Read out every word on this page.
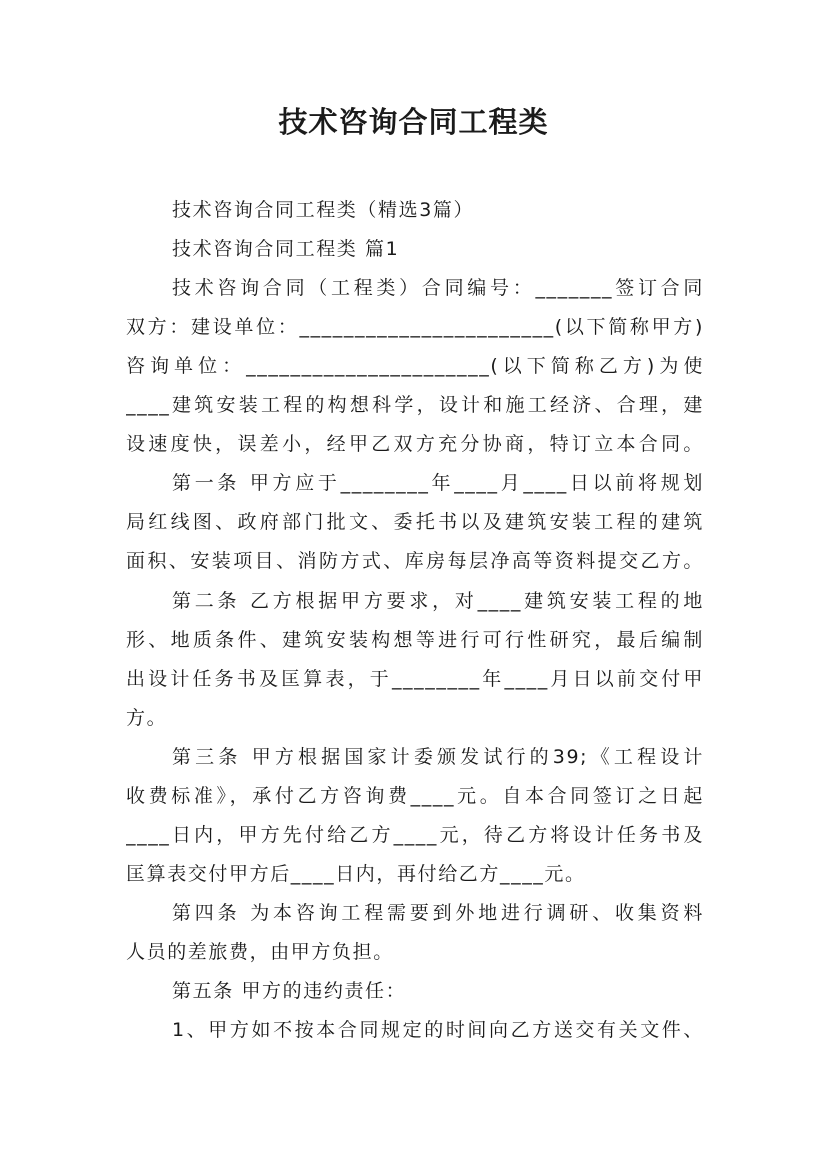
技术咨询合同工程类
技术咨询合同工程类（精选3篇）
技术咨询合同工程类 篇1
技术咨询合同（工程类）合同编号：_______签订合同
双方：建设单位：_______________________(以下简称甲方)
咨询单位：______________________(以下简称乙方)为使
____建筑安装工程的构想科学，设计和施工经济、合理，建
设速度快，误差小，经甲乙双方充分协商，特订立本合同。
第一条 甲方应于________年____月____日以前将规划
局红线图、政府部门批文、委托书以及建筑安装工程的建筑
面积、安装项目、消防方式、库房每层净高等资料提交乙方。
第二条 乙方根据甲方要求，对____建筑安装工程的地
形、地质条件、建筑安装构想等进行可行性研究，最后编制
出设计任务书及匡算表，于________年____月日以前交付甲
方。
第三条 甲方根据国家计委颁发试行的39;《工程设计
收费标准》，承付乙方咨询费____元。自本合同签订之日起
____日内，甲方先付给乙方____元，待乙方将设计任务书及
匡算表交付甲方后____日内，再付给乙方____元。
第四条 为本咨询工程需要到外地进行调研、收集资料
人员的差旅费，由甲方负担。
第五条 甲方的违约责任：
1、甲方如不按本合同规定的时间向乙方送交有关文件、
